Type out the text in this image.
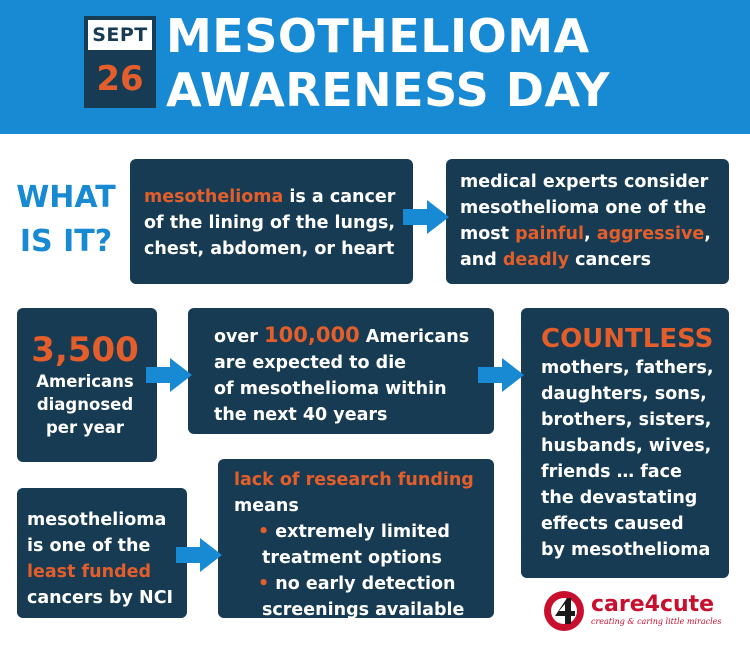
SEPT
26
MESOTHELIOMA
AWARENESS DAY
WHAT
IS IT?
mesothelioma is a cancer
of the lining of the lungs,
chest, abdomen, or heart
medical experts consider
mesothelioma one of the
most painful, aggressive,
and deadly cancers
3,500
Americans
diagnosed
per year
over 100,000 Americans
are expected to die
of mesothelioma within
the next 40 years
COUNTLESS
mothers, fathers,
daughters, sons,
brothers, sisters,
husbands, wives,
friends … face
the devastating
effects caused
by mesothelioma
mesothelioma
is one of the
least funded
cancers by NCI
lack of research funding
means
• extremely limited
treatment options
• no early detection
screenings available	care4cute
creating & caring little miracles
